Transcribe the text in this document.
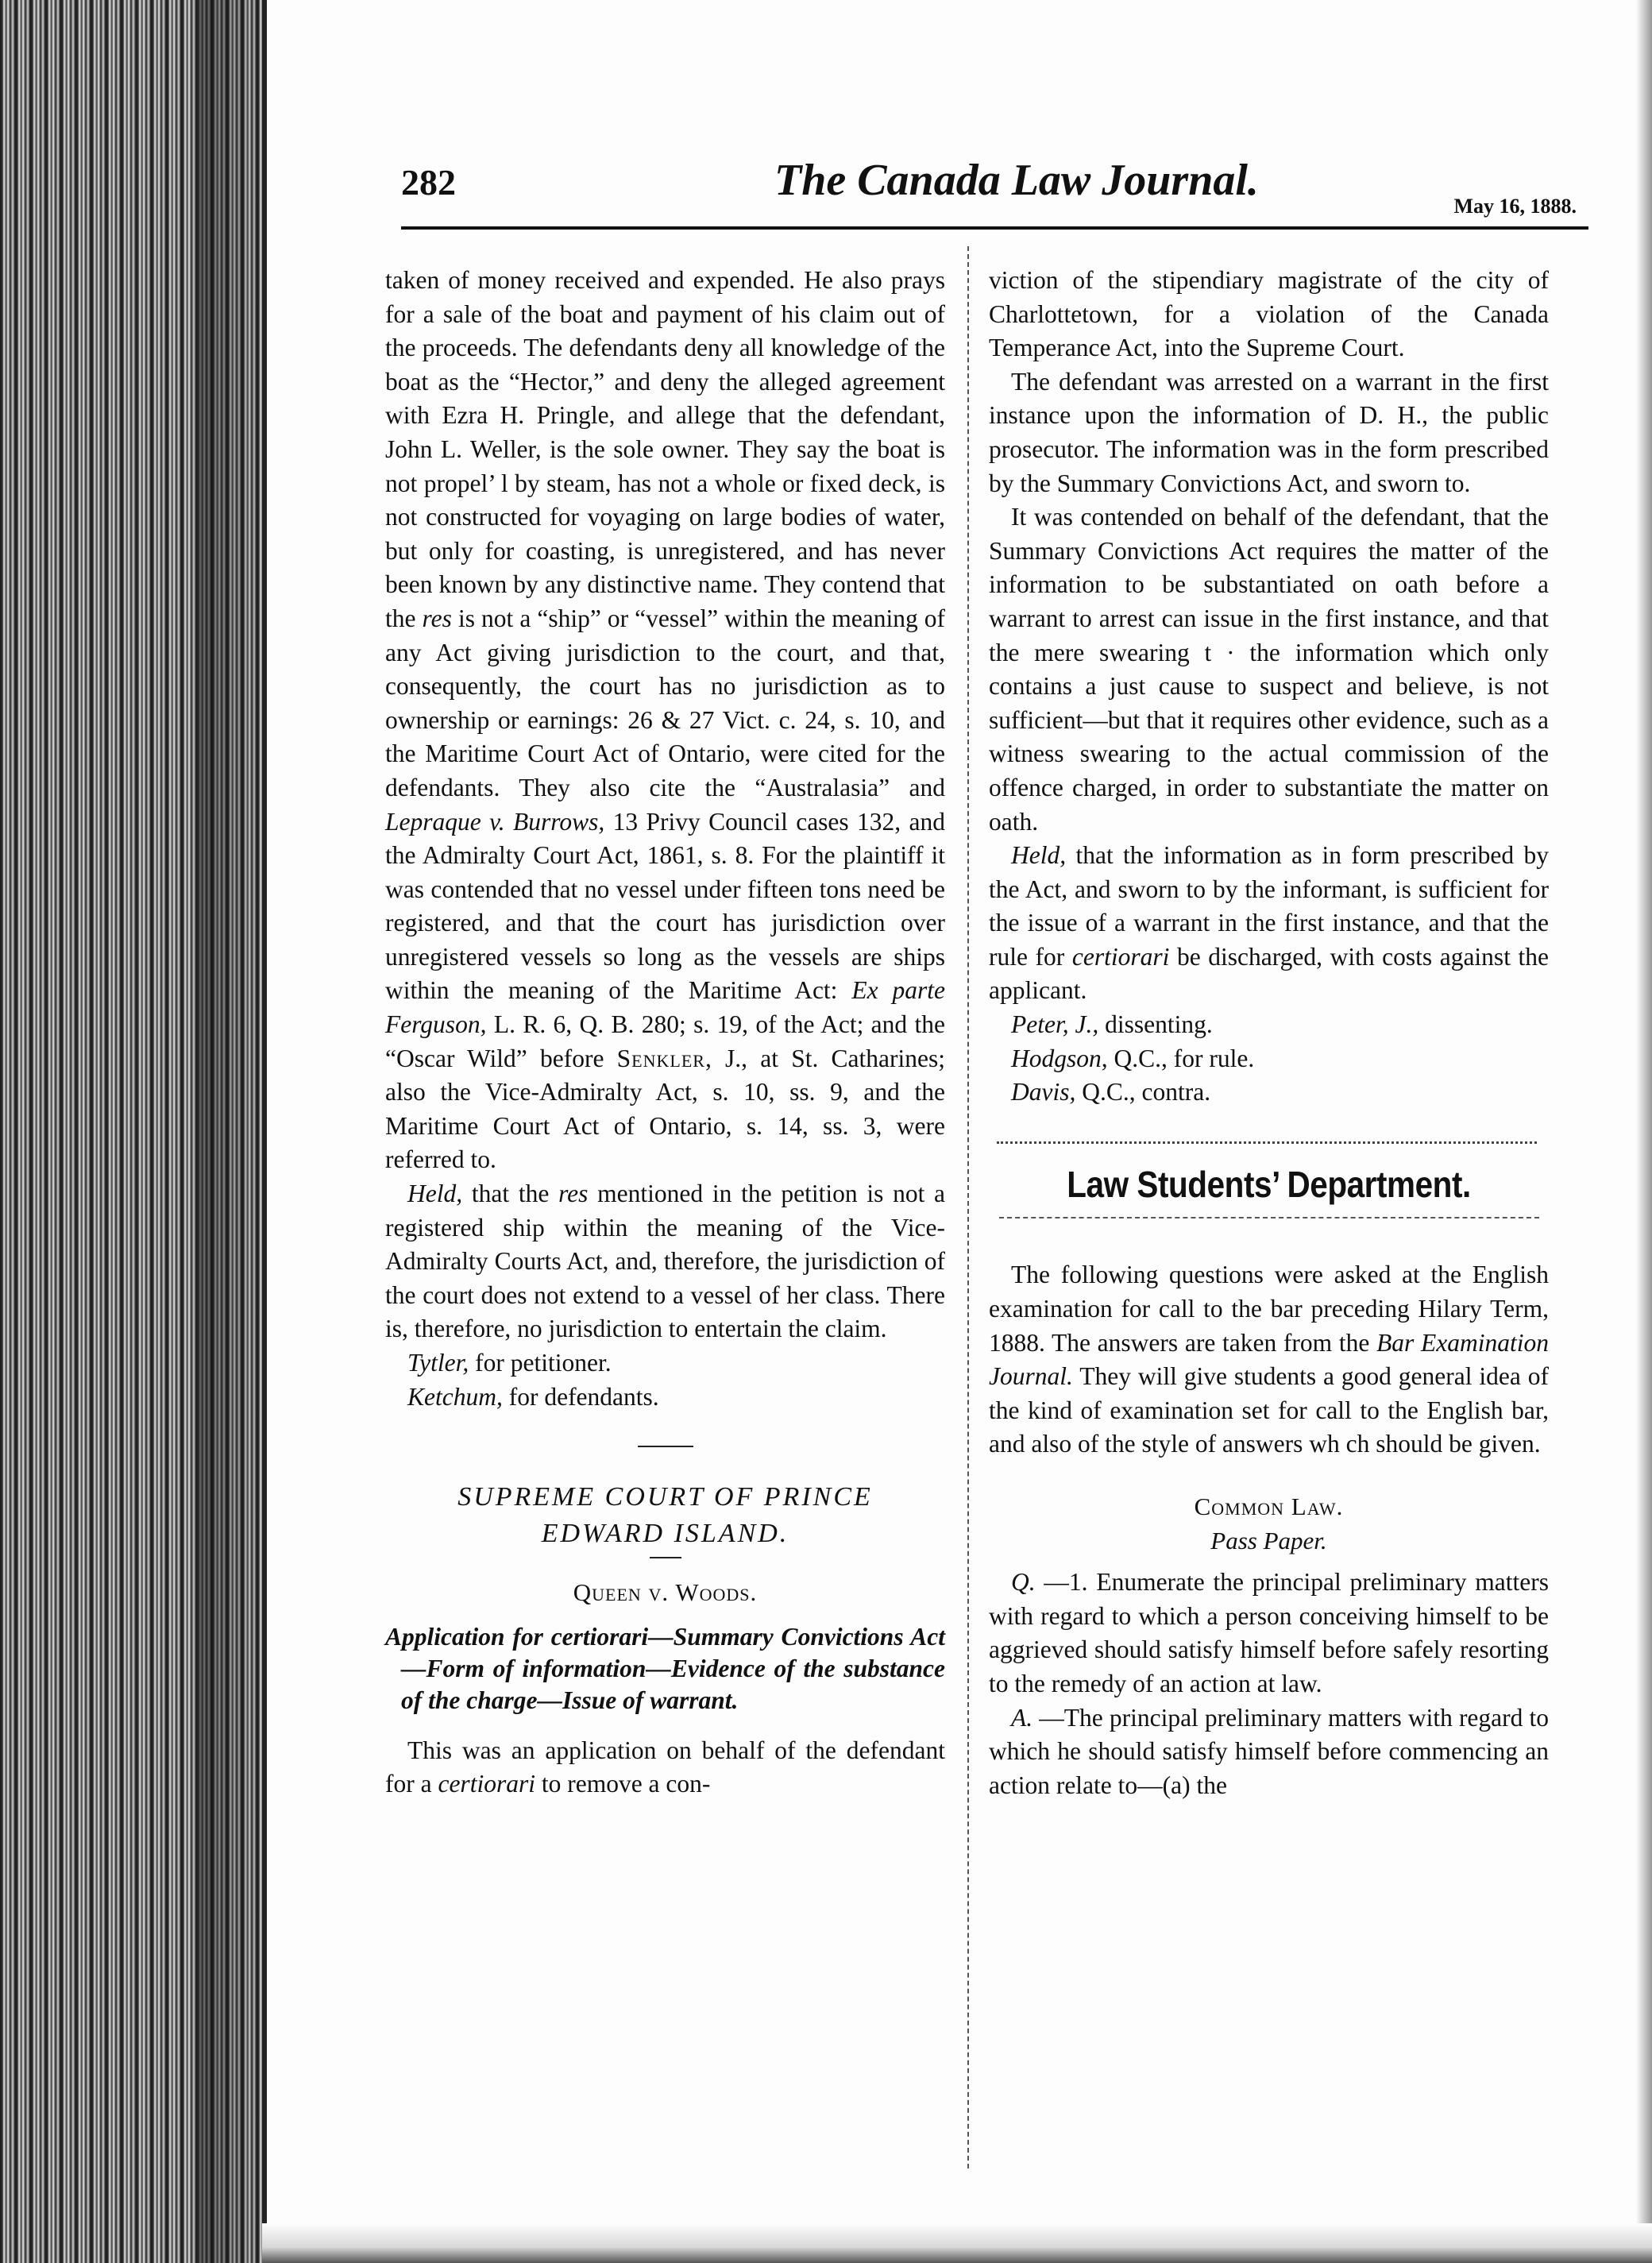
282	The Canada Law Journal.
May 16, 1888.

taken of money received and expended. He also prays for a sale of the boat and payment of his claim out of the proceeds. The defendants deny all knowledge of the boat as the “Hector,” and deny the alleged agreement with Ezra H. Pringle, and allege that the defendant, John L. Weller, is the sole owner. They say the boat is not propel’ l by steam, has not a whole or fixed deck, is not constructed for voyaging on large bodies of water, but only for coasting, is unregistered, and has never been known by any distinctive name. They contend that the res is not a “ship” or “vessel” within the meaning of any Act giving jurisdiction to the court, and that, consequently, the court has no jurisdiction as to ownership or earnings: 26 & 27 Vict. c. 24, s. 10, and the Maritime Court Act of Ontario, were cited for the defendants. They also cite the “Australasia” and Lepraque v. Burrows, 13 Privy Council cases 132, and the Admiralty Court Act, 1861, s. 8. For the plaintiff it was contended that no vessel under fifteen tons need be registered, and that the court has jurisdiction over unregistered vessels so long as the vessels are ships within the meaning of the Maritime Act: Ex parte Ferguson, L. R. 6, Q. B. 280; s. 19, of the Act; and the “Oscar Wild” before Senkler, J., at St. Catharines; also the Vice-Admiralty Act, s. 10, ss. 9, and the Maritime Court Act of Ontario, s. 14, ss. 3, were referred to.

Held, that the res mentioned in the petition is not a registered ship within the meaning of the Vice-Admiralty Courts Act, and, therefore, the jurisdiction of the court does not extend to a vessel of her class. There is, therefore, no jurisdiction to entertain the claim.

Tytler, for petitioner.

Ketchum, for defendants.

SUPREME COURT OF PRINCE
EDWARD ISLAND.
Queen v. Woods.

Application for certiorari—Summary Convictions Act—Form of information—Evidence of the substance of the charge—Issue of warrant.

This was an application on behalf of the defendant for a certiorari to remove a con-

viction of the stipendiary magistrate of the city of Charlottetown, for a violation of the Canada Temperance Act, into the Supreme Court.

The defendant was arrested on a warrant in the first instance upon the information of D. H., the public prosecutor. The information was in the form prescribed by the Summary Convictions Act, and sworn to.

It was contended on behalf of the defendant, that the Summary Convictions Act requires the matter of the information to be substantiated on oath before a warrant to arrest can issue in the first instance, and that the mere swearing t · the information which only contains a just cause to suspect and believe, is not sufficient—but that it requires other evidence, such as a witness swearing to the actual commission of the offence charged, in order to substantiate the matter on oath.

Held, that the information as in form prescribed by the Act, and sworn to by the informant, is sufficient for the issue of a warrant in the first instance, and that the rule for certiorari be discharged, with costs against the applicant.

Peter, J., dissenting.

Hodgson, Q.C., for rule.

Davis, Q.C., contra.

Law Students’ Department.

The following questions were asked at the English examination for call to the bar preceding Hilary Term, 1888. The answers are taken from the Bar Examination Journal. They will give students a good general idea of the kind of examination set for call to the English bar, and also of the style of answers wh ch should be given.

Common Law.
Pass Paper.

Q. —1. Enumerate the principal preliminary matters with regard to which a person conceiving himself to be aggrieved should satisfy himself before safely resorting to the remedy of an action at law.

A. —The principal preliminary matters with regard to which he should satisfy himself before commencing an action relate to—(a) the
